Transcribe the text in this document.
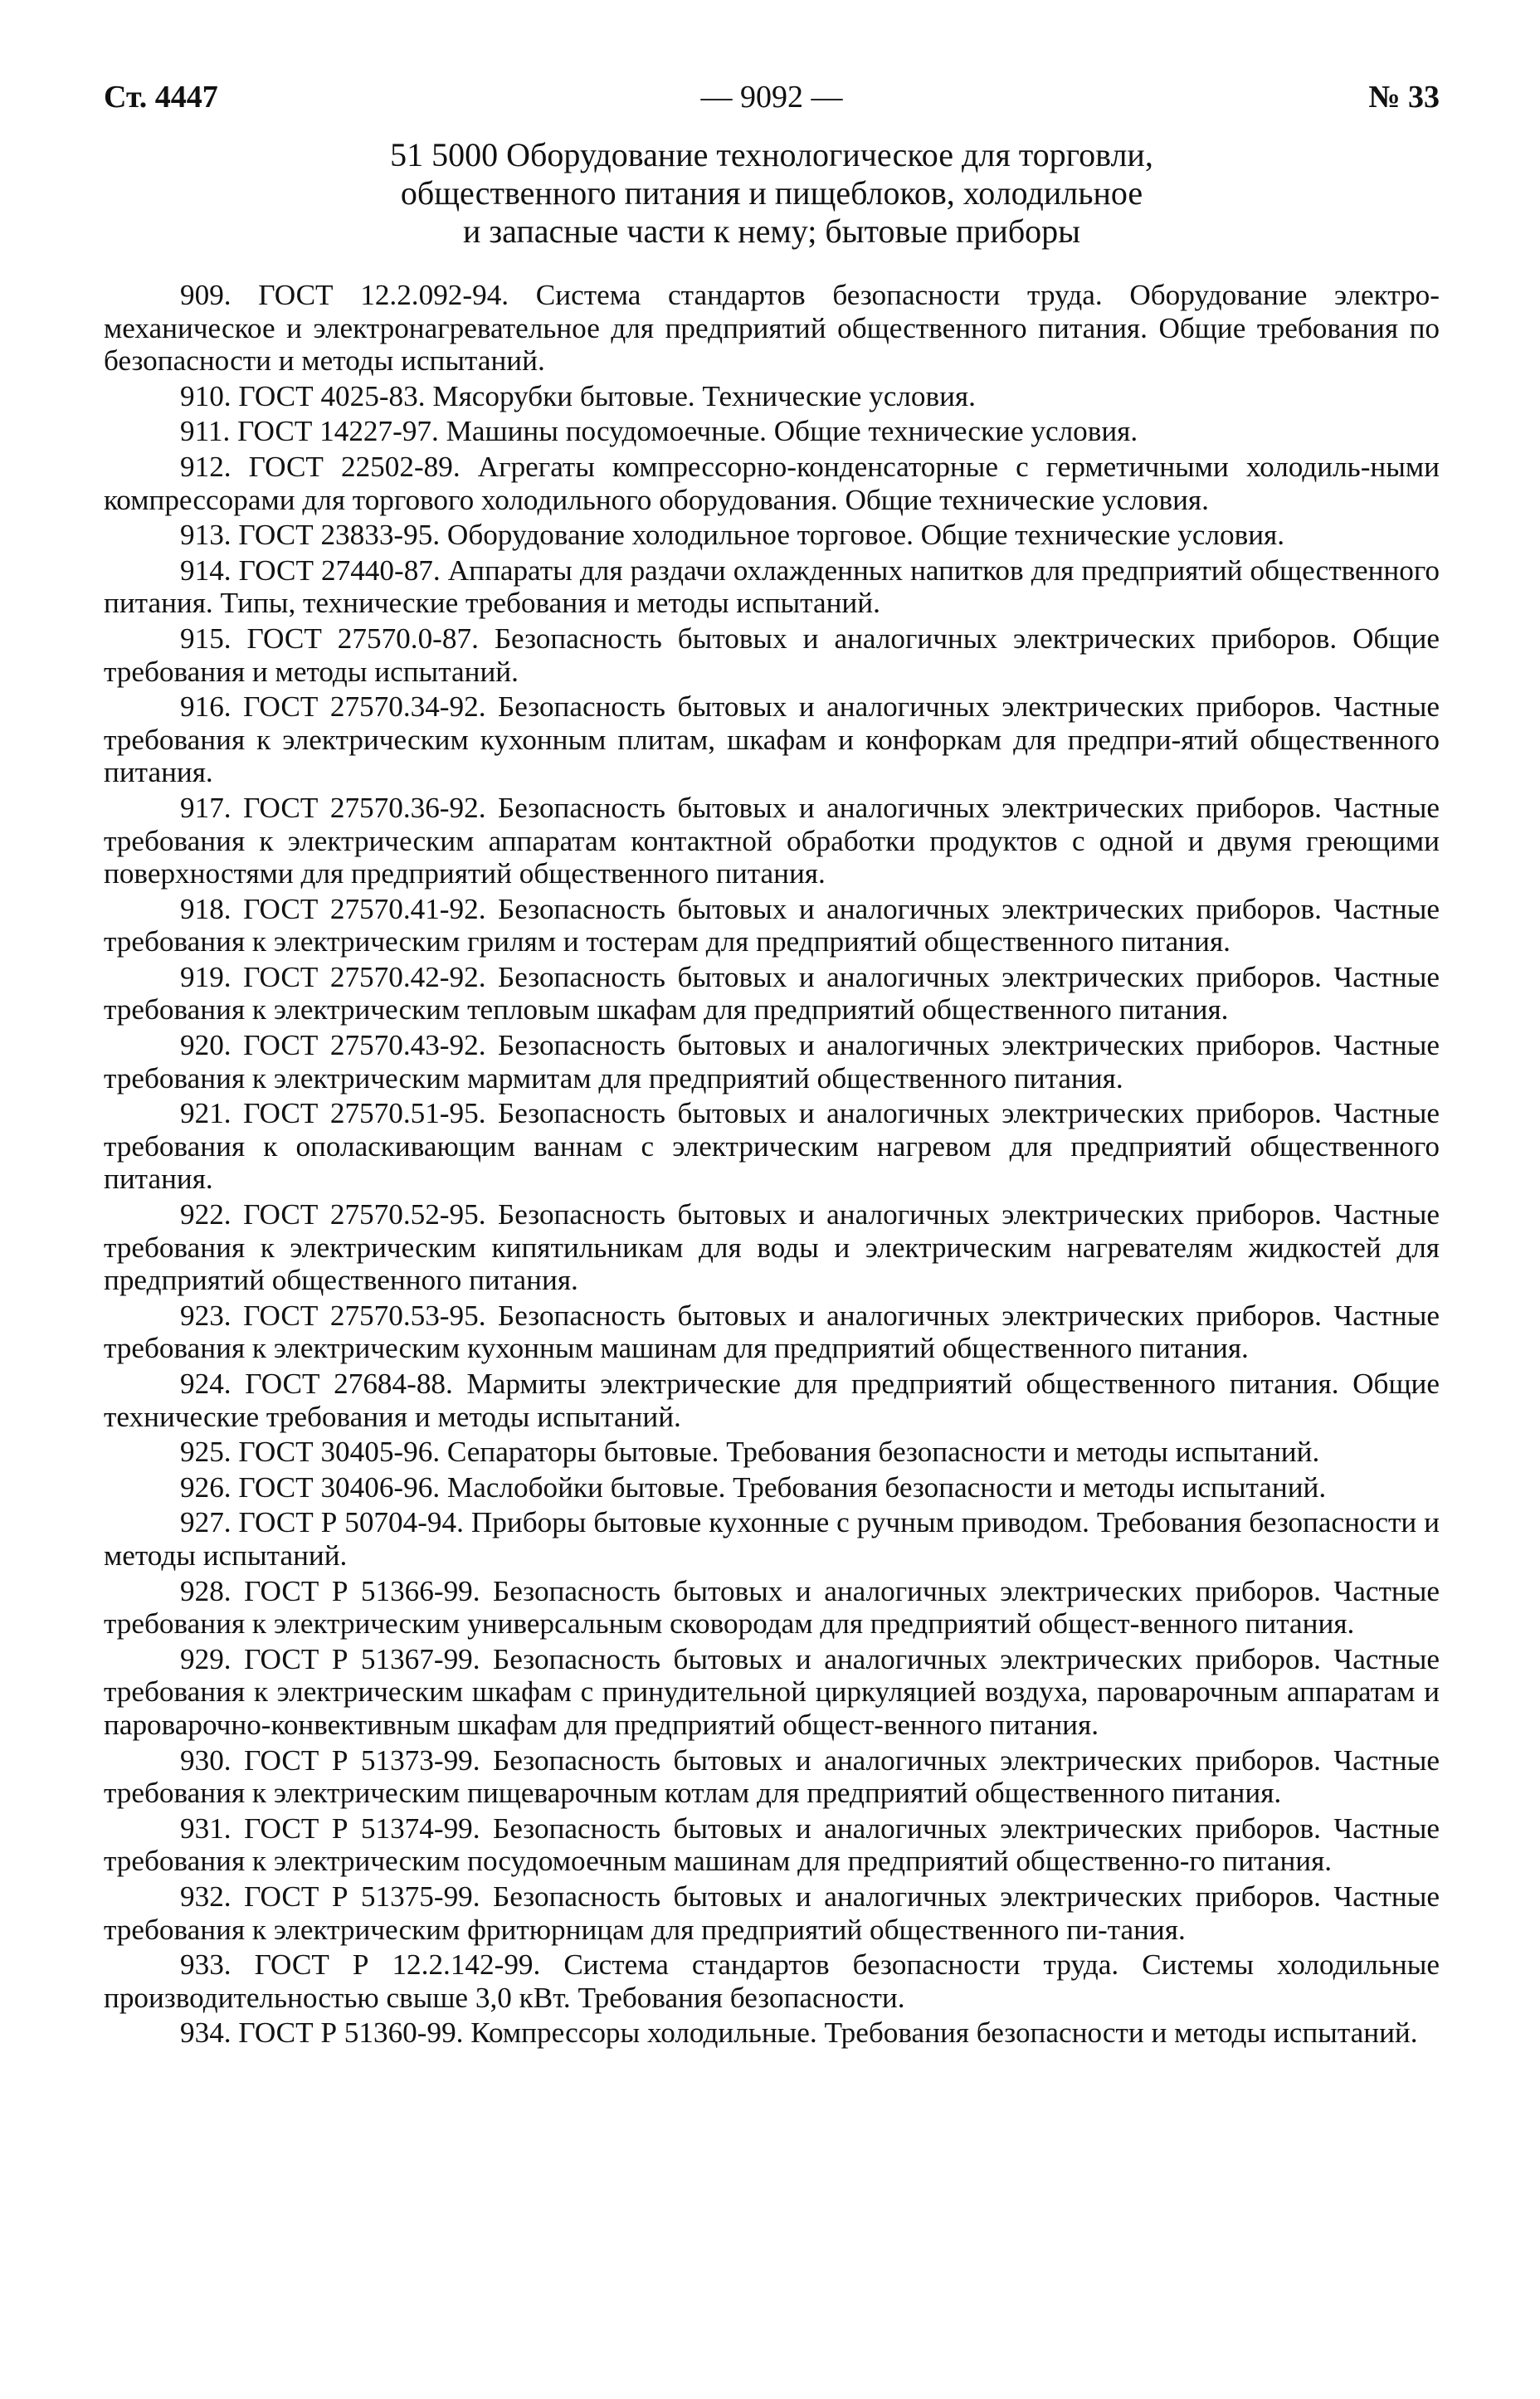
Ст. 4447	— 9092 —	№ 33
51 5000 Оборудование технологическое для торговли,
общественного питания и пищеблоков, холодильное
и запасные части к нему; бытовые приборы

909. ГОСТ 12.2.092-94. Система стандартов безопасности труда. Оборудование электро-механическое и электронагревательное для предприятий общественного питания. Общие требования по безопасности и методы испытаний.

910. ГОСТ 4025-83. Мясорубки бытовые. Технические условия.

911. ГОСТ 14227-97. Машины посудомоечные. Общие технические условия.

912. ГОСТ 22502-89. Агрегаты компрессорно-конденсаторные с герметичными холодиль-ными компрессорами для торгового холодильного оборудования. Общие технические условия.

913. ГОСТ 23833-95. Оборудование холодильное торговое. Общие технические условия.

914. ГОСТ 27440-87. Аппараты для раздачи охлажденных напитков для предприятий общественного питания. Типы, технические требования и методы испытаний.

915. ГОСТ 27570.0-87. Безопасность бытовых и аналогичных электрических приборов. Общие требования и методы испытаний.

916. ГОСТ 27570.34-92. Безопасность бытовых и аналогичных электрических приборов. Частные требования к электрическим кухонным плитам, шкафам и конфоркам для предпри-ятий общественного питания.

917. ГОСТ 27570.36-92. Безопасность бытовых и аналогичных электрических приборов. Частные требования к электрическим аппаратам контактной обработки продуктов с одной и двумя греющими поверхностями для предприятий общественного питания.

918. ГОСТ 27570.41-92. Безопасность бытовых и аналогичных электрических приборов. Частные требования к электрическим грилям и тостерам для предприятий общественного питания.

919. ГОСТ 27570.42-92. Безопасность бытовых и аналогичных электрических приборов. Частные требования к электрическим тепловым шкафам для предприятий общественного питания.

920. ГОСТ 27570.43-92. Безопасность бытовых и аналогичных электрических приборов. Частные требования к электрическим мармитам для предприятий общественного питания.

921. ГОСТ 27570.51-95. Безопасность бытовых и аналогичных электрических приборов. Частные требования к ополаскивающим ваннам с электрическим нагревом для предприятий общественного питания.

922. ГОСТ 27570.52-95. Безопасность бытовых и аналогичных электрических приборов. Частные требования к электрическим кипятильникам для воды и электрическим нагревателям жидкостей для предприятий общественного питания.

923. ГОСТ 27570.53-95. Безопасность бытовых и аналогичных электрических приборов. Частные требования к электрическим кухонным машинам для предприятий общественного питания.

924. ГОСТ 27684-88. Мармиты электрические для предприятий общественного питания. Общие технические требования и методы испытаний.

925. ГОСТ 30405-96. Сепараторы бытовые. Требования безопасности и методы испытаний.

926. ГОСТ 30406-96. Маслобойки бытовые. Требования безопасности и методы испытаний.

927. ГОСТ Р 50704-94. Приборы бытовые кухонные с ручным приводом. Требования безопасности и методы испытаний.

928. ГОСТ Р 51366-99. Безопасность бытовых и аналогичных электрических приборов. Частные требования к электрическим универсальным сковородам для предприятий общест-венного питания.

929. ГОСТ Р 51367-99. Безопасность бытовых и аналогичных электрических приборов. Частные требования к электрическим шкафам с принудительной циркуляцией воздуха, пароварочным аппаратам и пароварочно-конвективным шкафам для предприятий общест-венного питания.

930. ГОСТ Р 51373-99. Безопасность бытовых и аналогичных электрических приборов. Частные требования к электрическим пищеварочным котлам для предприятий общественного питания.

931. ГОСТ Р 51374-99. Безопасность бытовых и аналогичных электрических приборов. Частные требования к электрическим посудомоечным машинам для предприятий общественно-го питания.

932. ГОСТ Р 51375-99. Безопасность бытовых и аналогичных электрических приборов. Частные требования к электрическим фритюрницам для предприятий общественного пи-тания.

933. ГОСТ Р 12.2.142-99. Система стандартов безопасности труда. Системы холодильные производительностью свыше 3,0 кВт. Требования безопасности.

934. ГОСТ Р 51360-99. Компрессоры холодильные. Требования безопасности и методы испытаний.
